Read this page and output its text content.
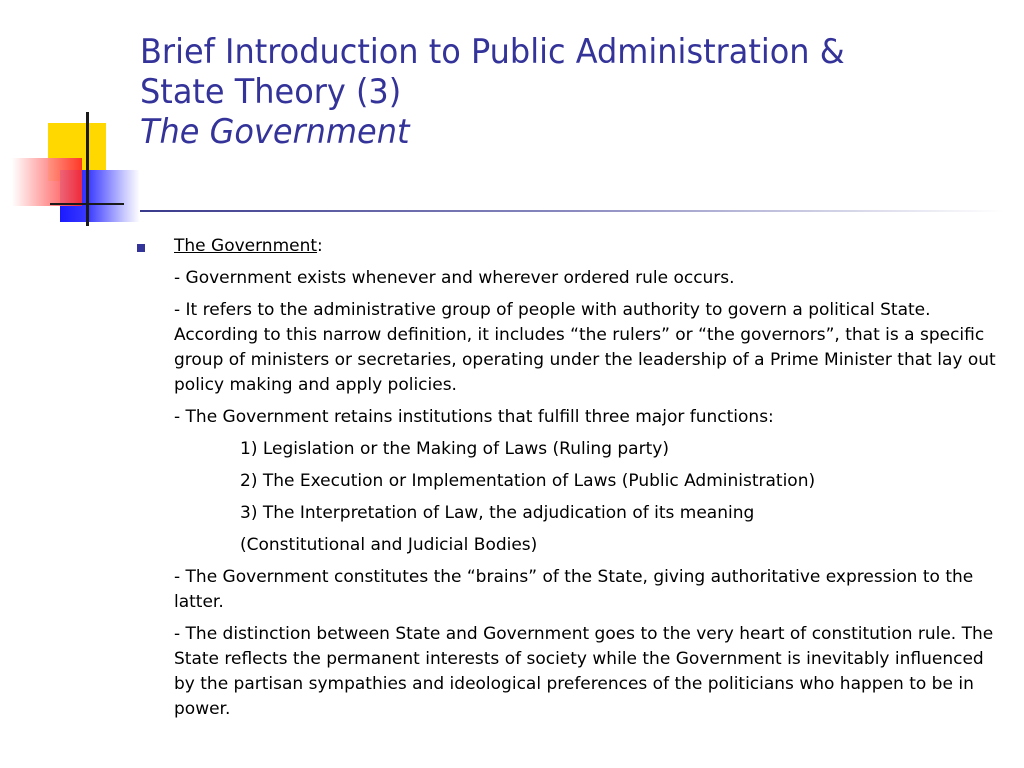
Brief Introduction to Public Administration &
State Theory (3)
The Government
The Government:
- Government exists whenever and wherever ordered rule occurs.
- It refers to the administrative group of people with authority to govern a political State. According to this narrow definition, it includes “the rulers” or “the governors”, that is a specific group of ministers or secretaries, operating under the leadership of a Prime Minister that lay out policy making and apply policies.
- The Government retains institutions that fulfill three major functions:
1) Legislation or the Making of Laws (Ruling party)
2) The Execution or Implementation of Laws (Public Administration)
3) The Interpretation of Law, the adjudication of its meaning
(Constitutional and Judicial Bodies)
- The Government constitutes the “brains” of the State, giving authoritative expression to the latter.
- The distinction between State and Government goes to the very heart of constitution rule. The State reflects the permanent interests of society while the Government is inevitably influenced by the partisan sympathies and ideological preferences of the politicians who happen to be in power.
